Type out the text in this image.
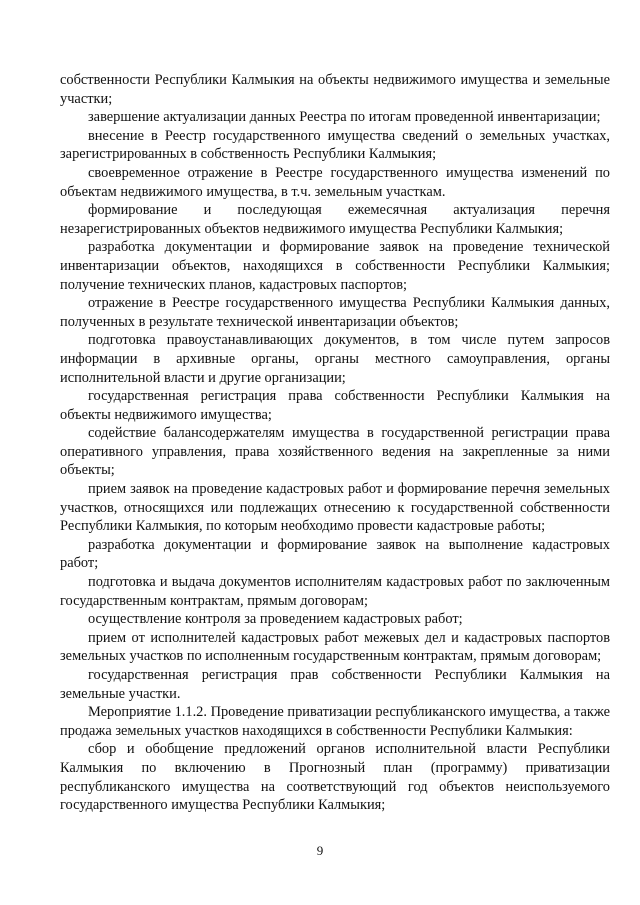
собственности Республики Калмыкия на объекты недвижимого имущества и земельные участки;

завершение актуализации данных Реестра по итогам проведенной инвентаризации;

внесение в Реестр государственного имущества сведений о земельных участках, зарегистрированных в собственность Республики Калмыкия;

своевременное отражение в Реестре государственного имущества изменений по объектам недвижимого имущества, в т.ч. земельным участкам.

формирование и последующая ежемесячная актуализация перечня незарегистрированных объектов недвижимого имущества Республики Калмыкия;

разработка документации и формирование заявок на проведение технической инвентаризации объектов, находящихся в собственности Республики Калмыкия; получение технических планов, кадастровых паспортов;

отражение в Реестре государственного имущества Республики Калмыкия данных, полученных в результате технической инвентаризации объектов;

подготовка правоустанавливающих документов, в том числе путем запросов информации в архивные органы, органы местного самоуправления, органы исполнительной власти и другие организации;

государственная регистрация права собственности Республики Калмыкия на объекты недвижимого имущества;

содействие балансодержателям имущества в государственной регистрации права оперативного управления, права хозяйственного ведения на закрепленные за ними объекты;

прием заявок на проведение кадастровых работ и формирование перечня земельных участков, относящихся или подлежащих отнесению к государственной собственности Республики Калмыкия, по которым необходимо провести кадастровые работы;

разработка документации и формирование заявок на выполнение кадастровых работ;

подготовка и выдача документов исполнителям кадастровых работ по заключенным государственным контрактам, прямым договорам;

осуществление контроля за проведением кадастровых работ;

прием от исполнителей кадастровых работ межевых дел и кадастровых паспортов земельных участков по исполненным государственным контрактам, прямым договорам;

государственная регистрация прав собственности Республики Калмыкия на земельные участки.

Мероприятие 1.1.2. Проведение приватизации республиканского имущества, а также продажа земельных участков находящихся в собственности Республики Калмыкия:

сбор и обобщение предложений органов исполнительной власти Республики Калмыкия по включению в Прогнозный план (программу) приватизации республиканского имущества на соответствующий год объектов неиспользуемого государственного имущества Республики Калмыкия;

9
